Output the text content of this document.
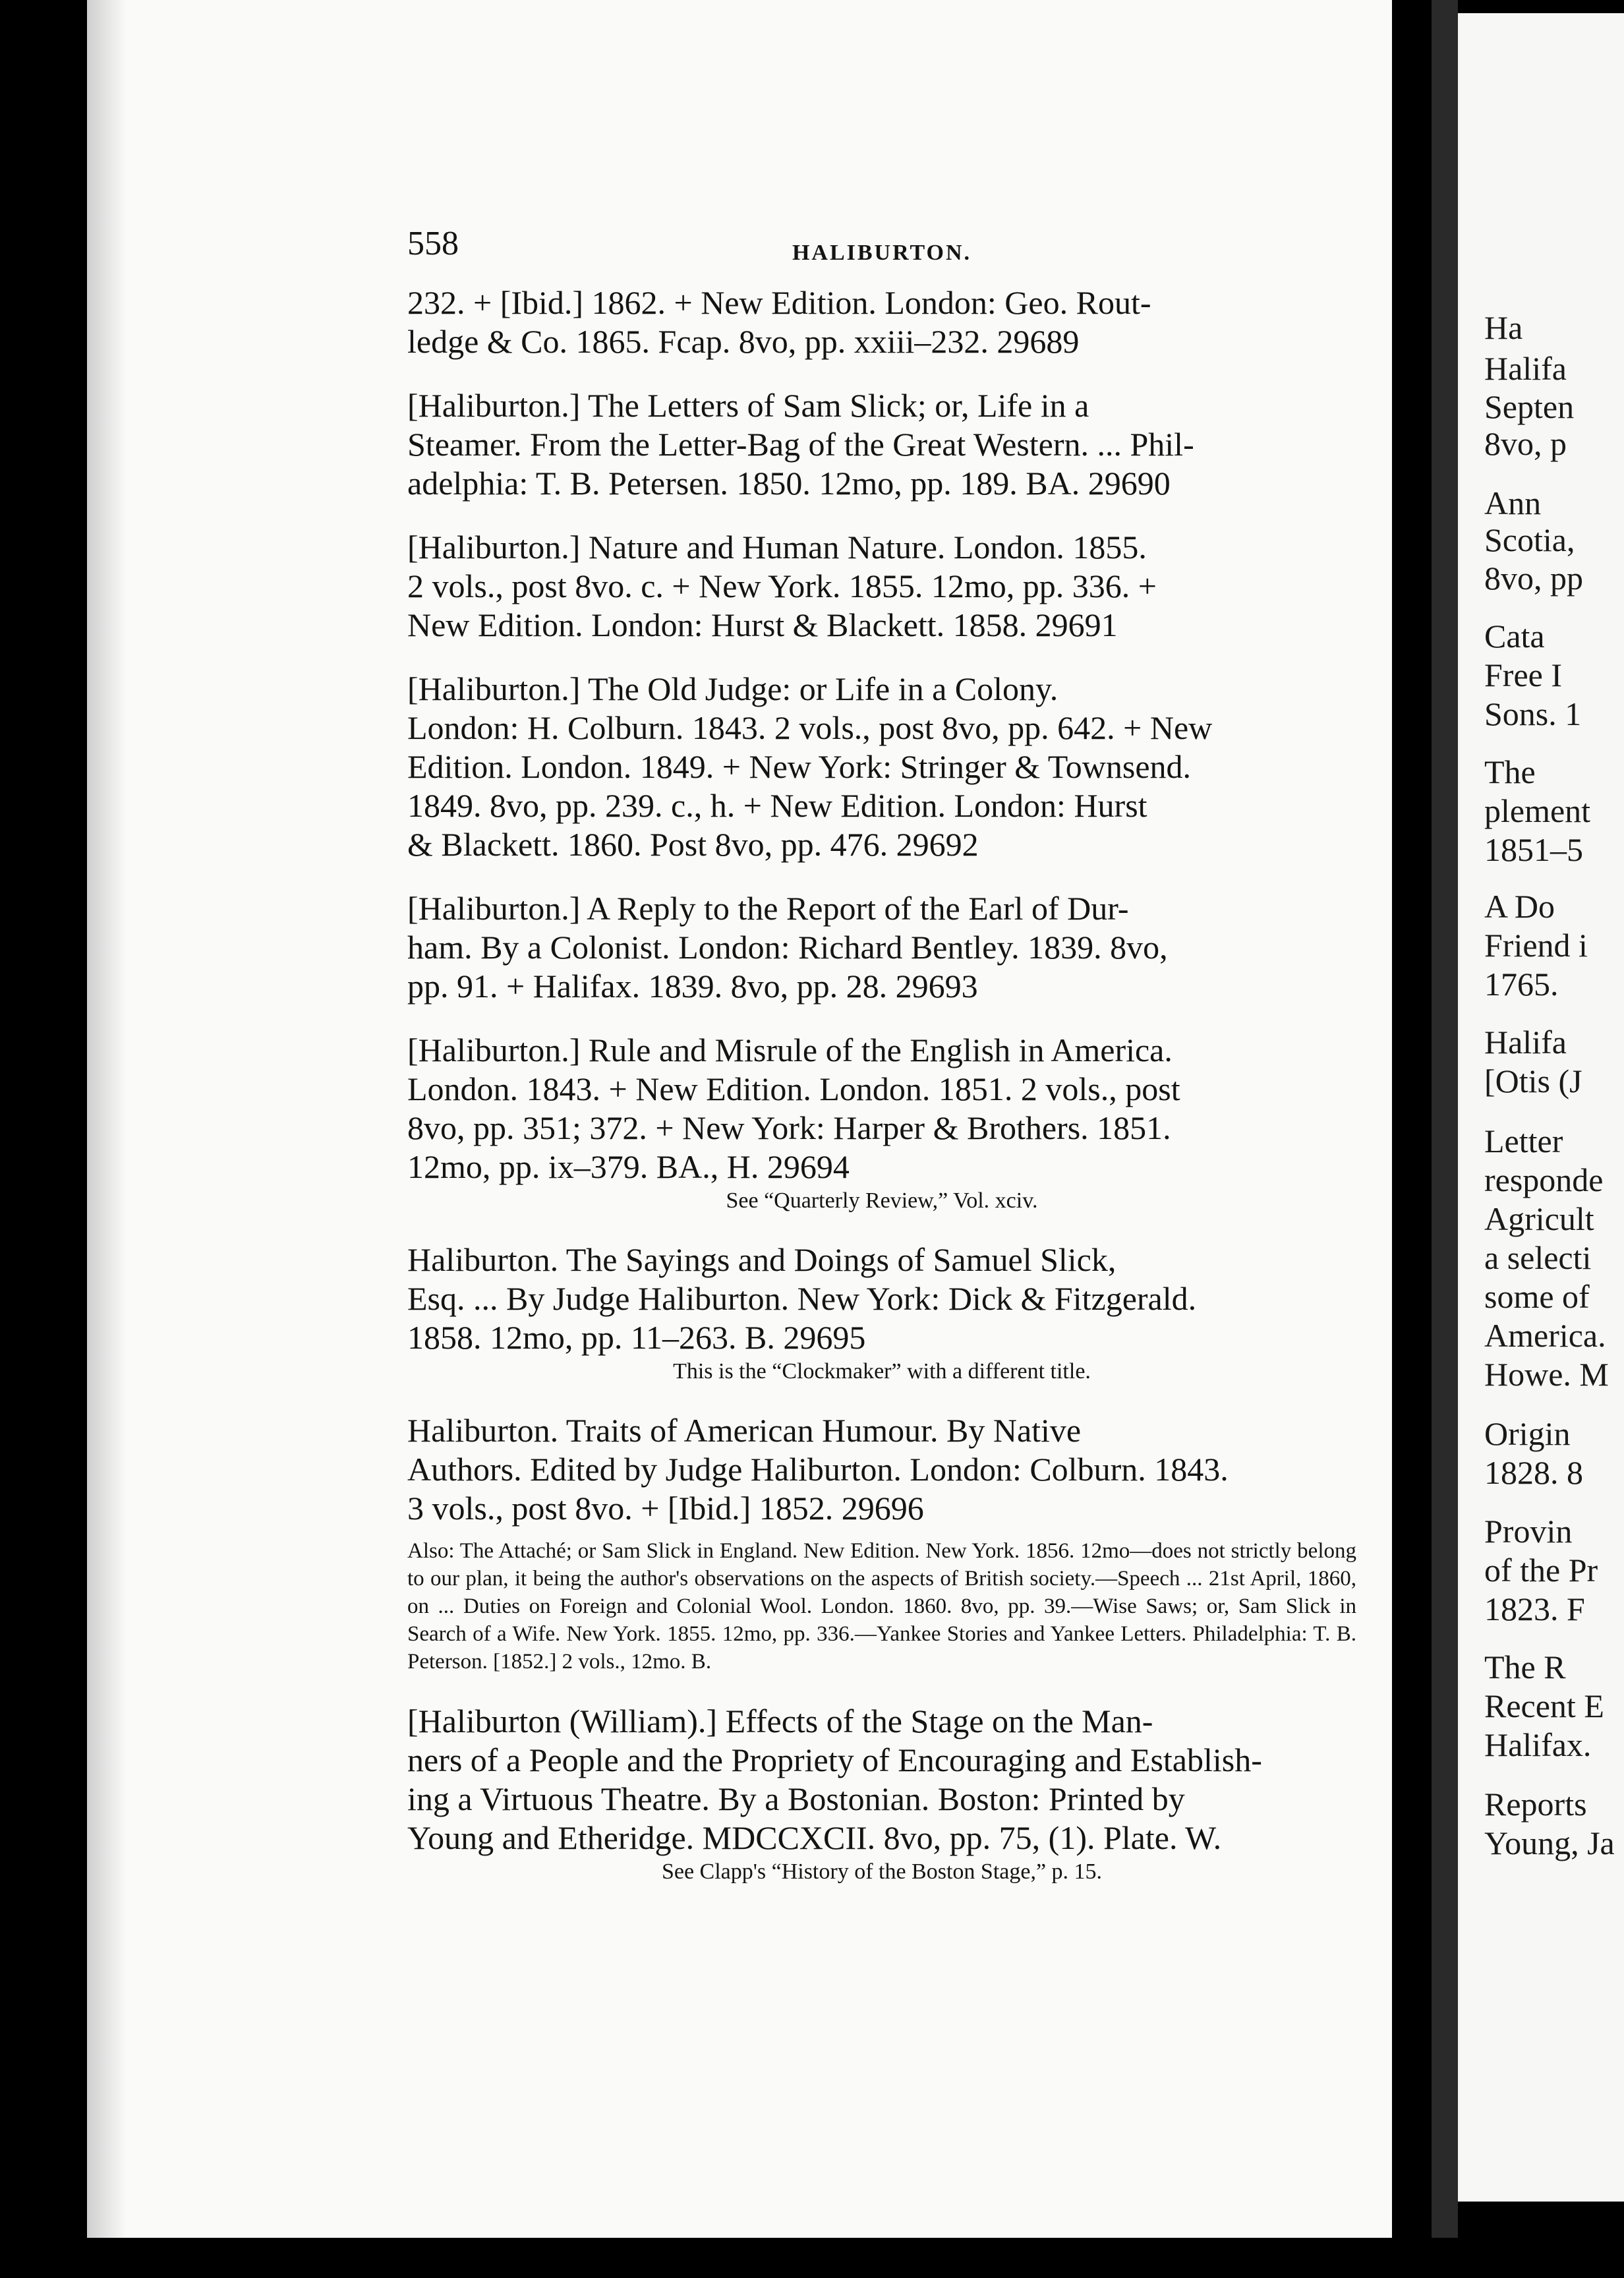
Ha
Halifa
Septen
8vo, p
Ann
Scotia,
8vo, pp
Cata
Free I
Sons. 1
The
plement
1851–5
A Do
Friend i
1765.
Halifa
[Otis (J
Letter
responde
Agricult
a selecti
some of
America.
Howe. M
Origin
1828. 8
Provin
of the Pr
1823. F
The R
Recent E
Halifax.
Reports
Young, Ja
558	HALIBURTON.

232. + [Ibid.] 1862. + New Edition. London: Geo. Rout-

ledge & Co. 1865. Fcap. 8vo, pp. xxiii–232. 29689

[Haliburton.] The Letters of Sam Slick; or, Life in a

Steamer. From the Letter-Bag of the Great Western. ... Phil-

adelphia: T. B. Petersen. 1850. 12mo, pp. 189. BA. 29690

[Haliburton.] Nature and Human Nature. London. 1855.

2 vols., post 8vo. c. + New York. 1855. 12mo, pp. 336. +

New Edition. London: Hurst & Blackett. 1858. 29691

[Haliburton.] The Old Judge: or Life in a Colony.

London: H. Colburn. 1843. 2 vols., post 8vo, pp. 642. + New

Edition. London. 1849. + New York: Stringer & Townsend.

1849. 8vo, pp. 239. c., h. + New Edition. London: Hurst

& Blackett. 1860. Post 8vo, pp. 476. 29692

[Haliburton.] A Reply to the Report of the Earl of Dur-

ham. By a Colonist. London: Richard Bentley. 1839. 8vo,

pp. 91. + Halifax. 1839. 8vo, pp. 28. 29693

[Haliburton.] Rule and Misrule of the English in America.

London. 1843. + New Edition. London. 1851. 2 vols., post

8vo, pp. 351; 372. + New York: Harper & Brothers. 1851.

12mo, pp. ix–379. BA., H. 29694

See “Quarterly Review,” Vol. xciv.

Haliburton. The Sayings and Doings of Samuel Slick,

Esq. ... By Judge Haliburton. New York: Dick & Fitzgerald.

1858. 12mo, pp. 11–263. B. 29695

This is the “Clockmaker” with a different title.

Haliburton. Traits of American Humour. By Native

Authors. Edited by Judge Haliburton. London: Colburn. 1843.

3 vols., post 8vo. + [Ibid.] 1852. 29696

Also: The Attaché; or Sam Slick in England. New Edition. New York. 1856. 12mo—does not strictly belong to our plan, it being the author's observations on the aspects of British society.—Speech ... 21st April, 1860, on ... Duties on Foreign and Colonial Wool. London. 1860. 8vo, pp. 39.—Wise Saws; or, Sam Slick in Search of a Wife. New York. 1855. 12mo, pp. 336.—Yankee Stories and Yankee Letters. Philadelphia: T. B. Peterson. [1852.] 2 vols., 12mo. B.

[Haliburton (William).] Effects of the Stage on the Man-

ners of a People and the Propriety of Encouraging and Establish-

ing a Virtuous Theatre. By a Bostonian. Boston: Printed by

Young and Etheridge. MDCCXCII. 8vo, pp. 75, (1). Plate. W.

See Clapp's “History of the Boston Stage,” p. 15.
